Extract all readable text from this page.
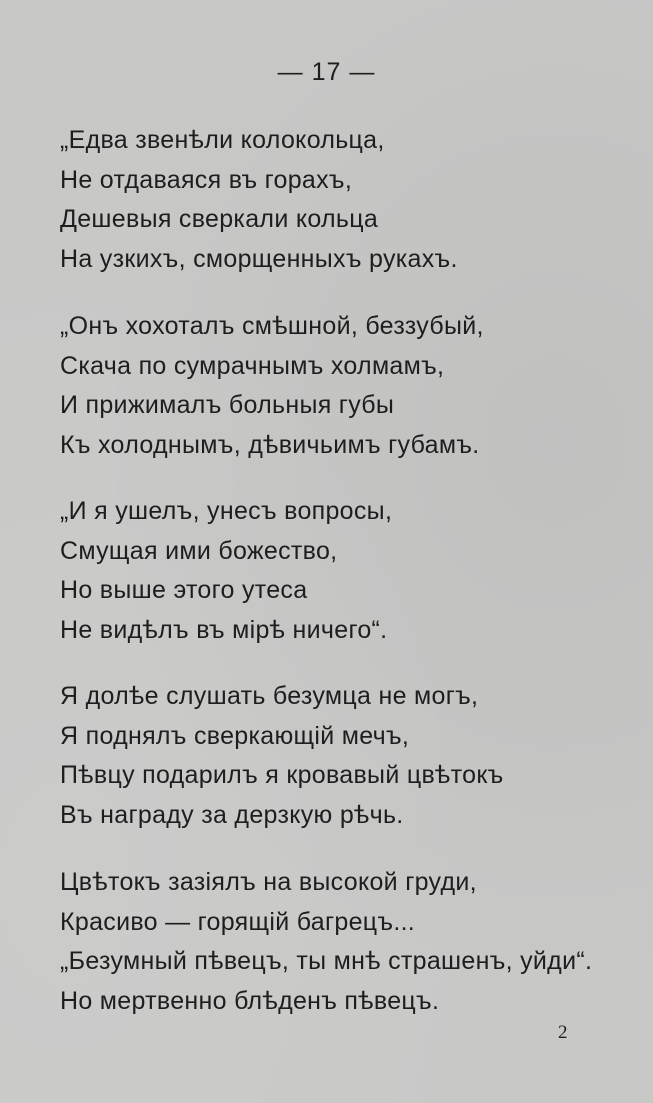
— 17 —
„Едва звенѣли колокольца,
Не отдаваяся въ горахъ,
Дешевыя сверкали кольца
На узкихъ, сморщенныхъ рукахъ.
„Онъ хохоталъ смѣшной, беззубый,
Скача по сумрачнымъ холмамъ,
И прижималъ больныя губы
Къ холоднымъ, дѣвичьимъ губамъ.
„И я ушелъ, унесъ вопросы,
Смущая ими божество,
Но выше этого утеса
Не видѣлъ въ мiрѣ ничего“.
Я долѣе слушать безумца не могъ,
Я поднялъ сверкающiй мечъ,
Пѣвцу подарилъ я кровавый цвѣтокъ
Въ награду за дерзкую рѣчь.
Цвѣтокъ зазiялъ на высокой груди,
Красиво — горящiй багрецъ...
„Безумный пѣвецъ, ты мнѣ страшенъ, уйди“.
Но мертвенно блѣденъ пѣвецъ.
2
